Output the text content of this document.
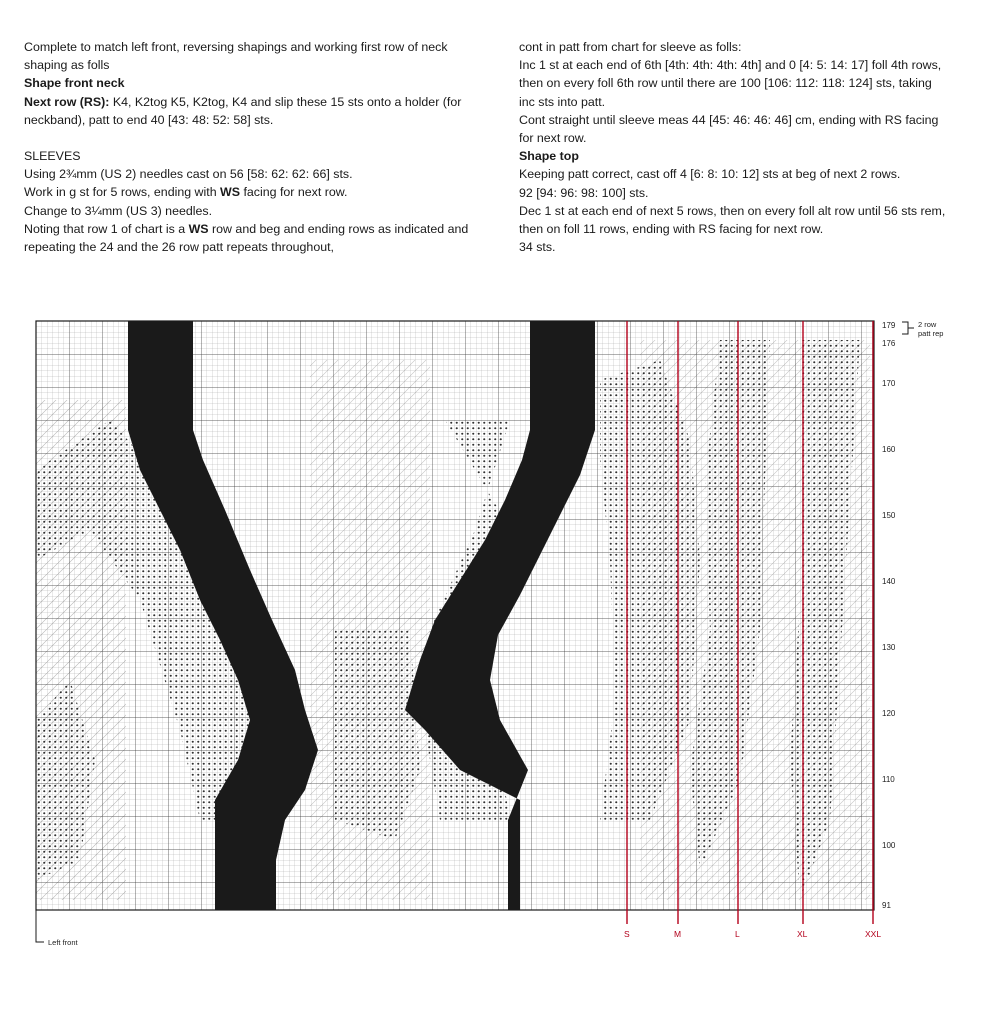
Complete to match left front, reversing shapings and working first row of neck shaping as folls

Shape front neck

Next row (RS): K4, K2tog K5, K2tog, K4 and slip these 15 sts onto a holder (for neckband), patt to end 40 [43: 48: 52: 58] sts.

SLEEVES

Using 2¾mm (US 2) needles cast on 56 [58: 62: 62: 66] sts.

Work in g st for 5 rows, ending with WS facing for next row.

Change to 3¼mm (US 3) needles.

Noting that row 1 of chart is a WS row and beg and ending rows as indicated and repeating the 24 and the 26 row patt repeats throughout,

cont in patt from chart for sleeve as folls:

Inc 1 st at each end of 6th [4th: 4th: 4th: 4th] and 0 [4: 5: 14: 17] foll 4th rows, then on every foll 6th row until there are 100 [106: 112: 118: 124] sts, taking inc sts into patt.

Cont straight until sleeve meas 44 [45: 46: 46: 46] cm, ending with RS facing for next row.

Shape top

Keeping patt correct, cast off 4 [6: 8: 10: 12] sts at beg of next 2 rows.

92 [94: 96: 98: 100] sts.

Dec 1 st at each end of next 5 rows, then on every foll alt row until 56 sts rem, then on foll 11 rows, ending with RS facing for next row.

34 sts.

S	M	L	XL	XXL
179
176
170
160
150
140
130
120
110
100
91
2 row
patt rep
Left front
